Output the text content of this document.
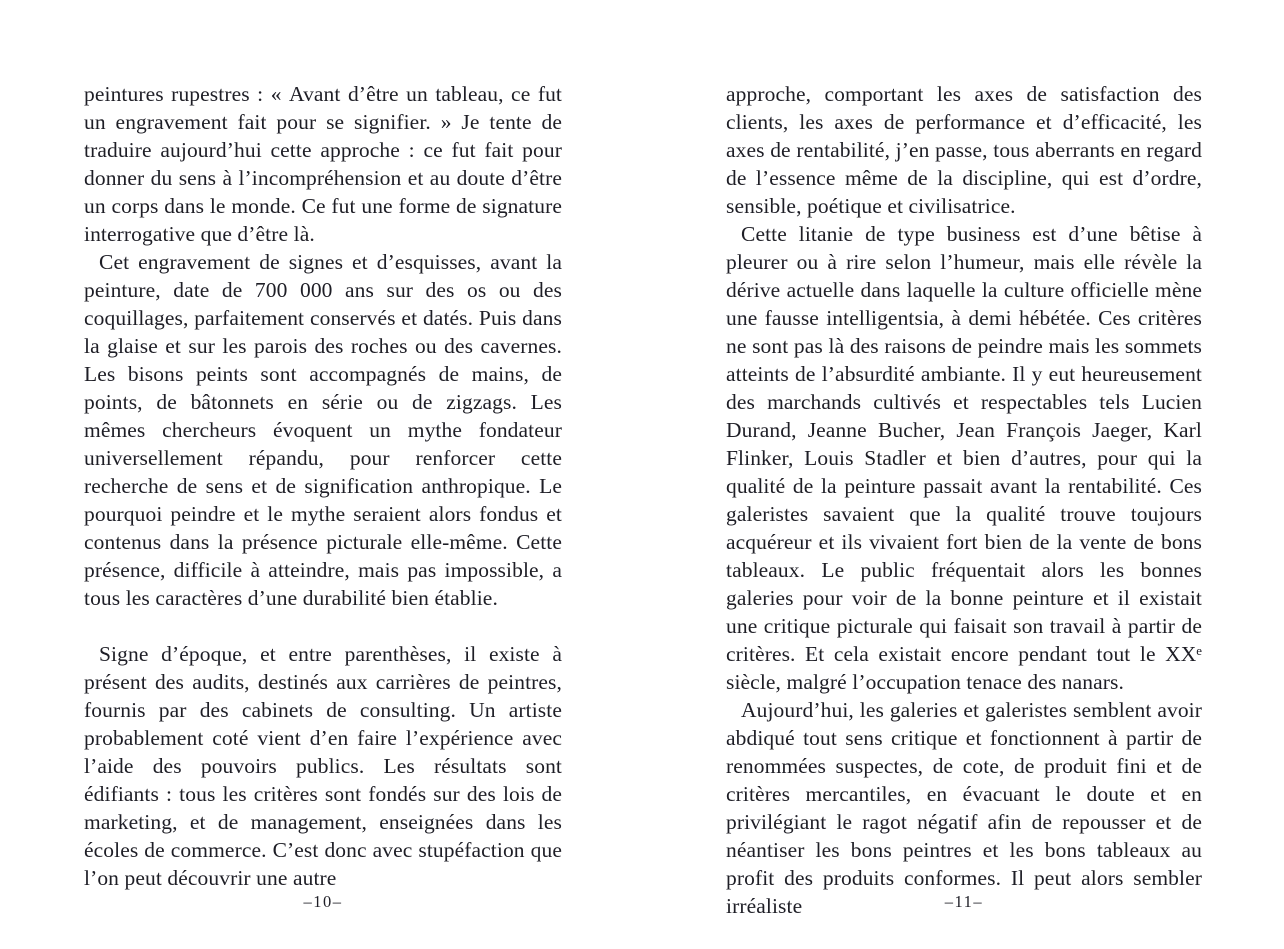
peintures rupestres : « Avant d’être un tableau, ce fut un engravement fait pour se signifier. » Je tente de traduire aujourd’hui cette approche : ce fut fait pour donner du sens à l’incompréhension et au doute d’être un corps dans le monde. Ce fut une forme de signature interrogative que d’être là.

Cet engravement de signes et d’esquisses, avant la peinture, date de 700 000 ans sur des os ou des coquillages, parfaitement conservés et datés. Puis dans la glaise et sur les parois des roches ou des cavernes. Les bisons peints sont accompagnés de mains, de points, de bâtonnets en série ou de zigzags. Les mêmes chercheurs évoquent un mythe fondateur universellement répandu, pour renforcer cette recherche de sens et de signification anthropique. Le pourquoi peindre et le mythe seraient alors fondus et contenus dans la présence picturale elle-même. Cette présence, difficile à atteindre, mais pas impossible, a tous les caractères d’une durabilité bien établie.

Signe d’époque, et entre parenthèses, il existe à présent des audits, destinés aux carrières de peintres, fournis par des cabinets de consulting. Un artiste probablement coté vient d’en faire l’expérience avec l’aide des pouvoirs publics. Les résultats sont édifiants : tous les critères sont fondés sur des lois de marketing, et de management, enseignées dans les écoles de commerce. C’est donc avec stupéfaction que l’on peut découvrir une autre

approche, comportant les axes de satisfaction des clients, les axes de performance et d’efficacité, les axes de rentabilité, j’en passe, tous aberrants en regard de l’essence même de la discipline, qui est d’ordre, sensible, poétique et civilisatrice.

Cette litanie de type business est d’une bêtise à pleurer ou à rire selon l’humeur, mais elle révèle la dérive actuelle dans laquelle la culture officielle mène une fausse intelligentsia, à demi hébétée. Ces critères ne sont pas là des raisons de peindre mais les sommets atteints de l’absurdité ambiante. Il y eut heureusement des marchands cultivés et respectables tels Lucien Durand, Jeanne Bucher, Jean François Jaeger, Karl Flinker, Louis Stadler et bien d’autres, pour qui la qualité de la peinture passait avant la rentabilité. Ces galeristes savaient que la qualité trouve toujours acquéreur et ils vivaient fort bien de la vente de bons tableaux. Le public fréquentait alors les bonnes galeries pour voir de la bonne peinture et il existait une critique picturale qui faisait son travail à partir de critères. Et cela existait encore pendant tout le XXᵉ siècle, malgré l’occupation tenace des nanars.

Aujourd’hui, les galeries et galeristes semblent avoir abdiqué tout sens critique et fonctionnent à partir de renommées suspectes, de cote, de produit fini et de critères mercantiles, en évacuant le doute et en privilégiant le ragot négatif afin de repousser et de néantiser les bons peintres et les bons tableaux au profit des produits conformes. Il peut alors sembler irréaliste

–10–	–11–
